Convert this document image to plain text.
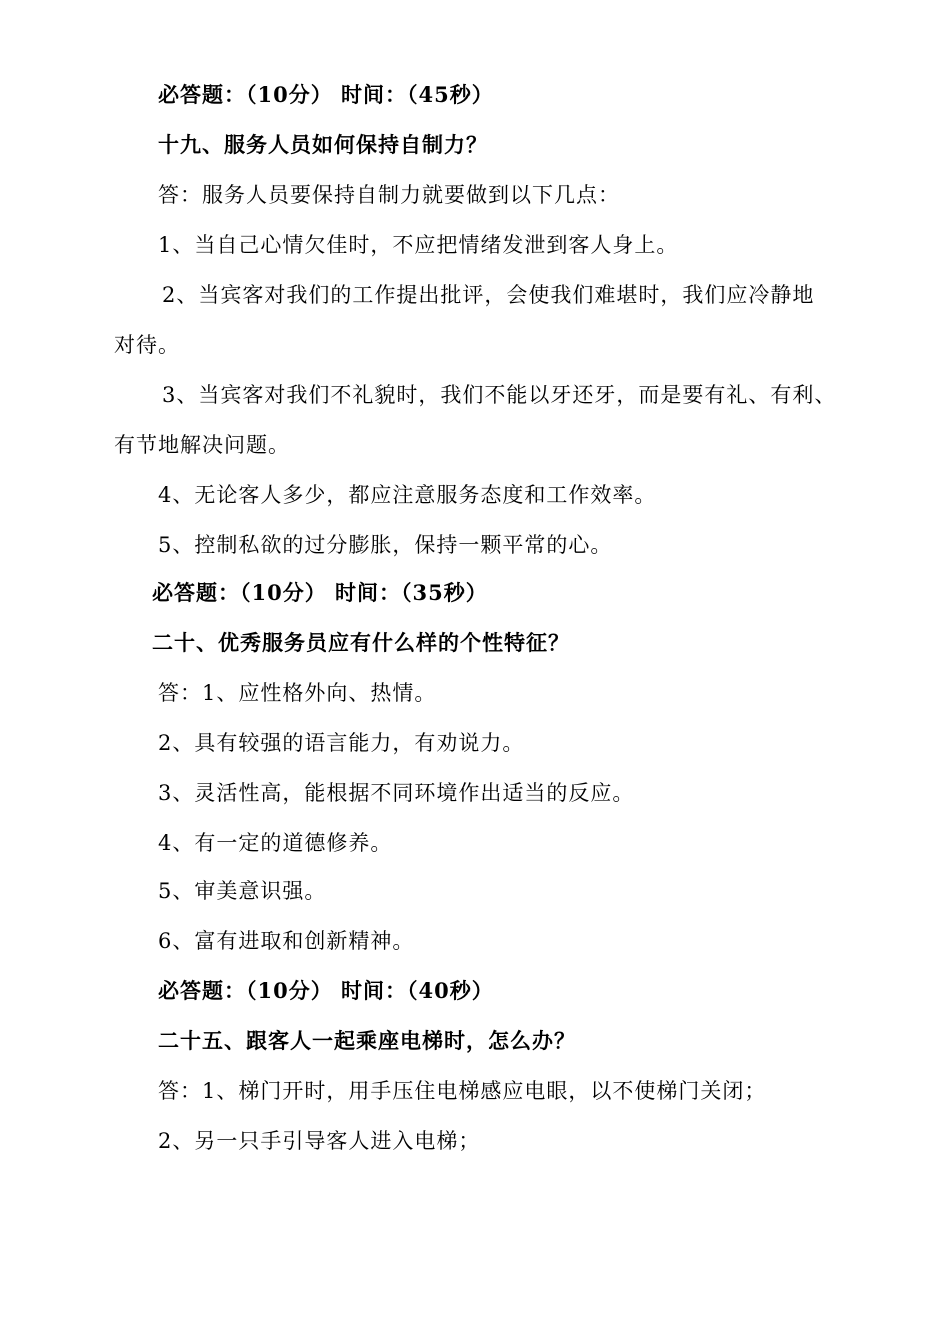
必答题：（10分） 时间：（45秒）
十九、服务人员如何保持自制力？
答：服务人员要保持自制力就要做到以下几点：
1、当自己心情欠佳时，不应把情绪发泄到客人身上。
2、当宾客对我们的工作提出批评，会使我们难堪时，我们应冷静地
对待。
3、当宾客对我们不礼貌时，我们不能以牙还牙，而是要有礼、有利、
有节地解决问题。
4、无论客人多少，都应注意服务态度和工作效率。
5、控制私欲的过分膨胀，保持一颗平常的心。
必答题：（10分） 时间：（35秒）
二十、优秀服务员应有什么样的个性特征？
答：1、应性格外向、热情。
2、具有较强的语言能力，有劝说力。
3、灵活性高，能根据不同环境作出适当的反应。
4、有一定的道德修养。
5、审美意识强。
6、富有进取和创新精神。
必答题：（10分） 时间：（40秒）
二十五、跟客人一起乘座电梯时，怎么办？
答：1、梯门开时，用手压住电梯感应电眼，以不使梯门关闭；
2、另一只手引导客人进入电梯；
